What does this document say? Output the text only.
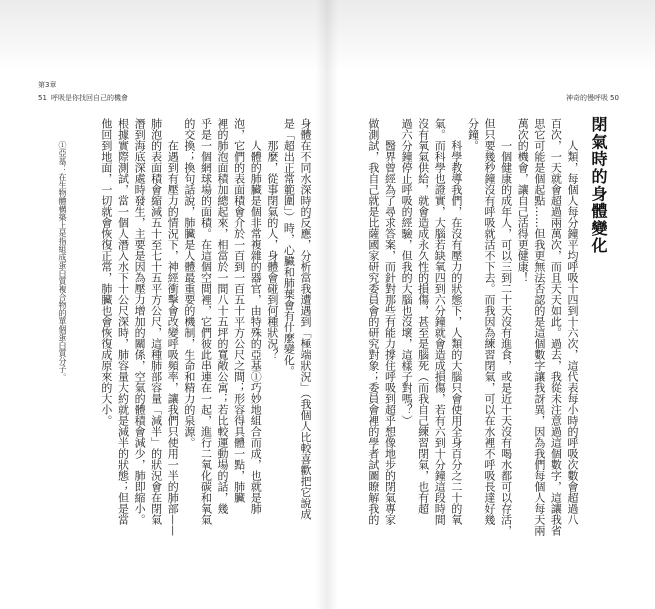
第3章
51 呼吸是你找回自己的機會
身體在不同水深時的反應，分析當我遭遇到「極端狀況」（我個人比較喜歡把它說成
是「超出正常範圍」）時，心臟和肺葉會有什麼變化。
那麼，從事閉氣的人，身體會碰到何種狀況？
人體的肺臟是個非常複雜的器官，由特殊的亞基①巧妙地組合而成，也就是肺
泡，它們的表面積會介於一百到一百五十平方公尺之間；形容得具體一點，肺臟
裡的肺泡面積加總起來，相當於一間八十五坪的寬敞公寓；若比較運動場的話，幾
乎是一個網球場的面積。在這個空間裡，它們彼此串連在一起，進行二氧化碳和氧氣
的交換；換句話說，肺臟是人體最重要的機制，生命和精力的泉源。
在遇到有壓力的情況下，神經衝擊會改變呼吸頻率，讓我們只使用一半的肺部——
肺泡的表面積會縮減五十至七十五平方公尺，這種肺部容量「減半」的狀況會在閉氣
潛到海底深處時發生，主要是因為壓力增加的關係，空氣的體積會減少，肺即縮小。
根據實際測試，當一個人潛入水下十公尺深時，肺容量大約就是減半的狀態；但是當
他回到地面，一切就會恢復正常，肺臟也會恢復成原來的大小。
①亞基：在生物體構築上是指組成蛋白質複合物的單個蛋白質分子。
神奇的慢呼吸 50
閉氣時的身體變化
人類，每個人每分鐘平均呼吸十四到十六次，這代表每小時的呼吸次數會超過八
百次，一天就會超過兩萬次，而且天天如此。過去，我從未注意過這個數字，這讓我省
思它可能是個起點……但我更無法否認的是這個數字讓我訝異，因為我們每個人每天兩
萬次的機會，讓自己活得更健康！
一個健康的成年人，可以三到二十天沒有進食，或是近十天沒有喝水都可以存活，
但只要幾秒鐘沒有呼吸就活不下去。而我因為練習閉氣，可以在水裡不呼吸長達好幾
分鐘。
科學教導我們，在沒有壓力的狀態下，人類的大腦只會使用全身百分之二十的氧
氣。而科學也證實，大腦若缺氧四到六分鐘就會造成損傷，若有六到十分鐘這段時間
沒有氧氣供給，就會造成永久性的損傷，甚至是腦死（而我自己練習閉氣，也有超
過六分鐘停止呼吸的經驗，但我的大腦也沒壞，這樣子對嗎？）
醫界曾經為了尋求答案，而針對那些有能力撐住呼吸到超乎想像地步的閉氣專家
做測試，我自己就是比薩國家研究委員會的研究對象；委員會裡的學者試圖瞭解我的
